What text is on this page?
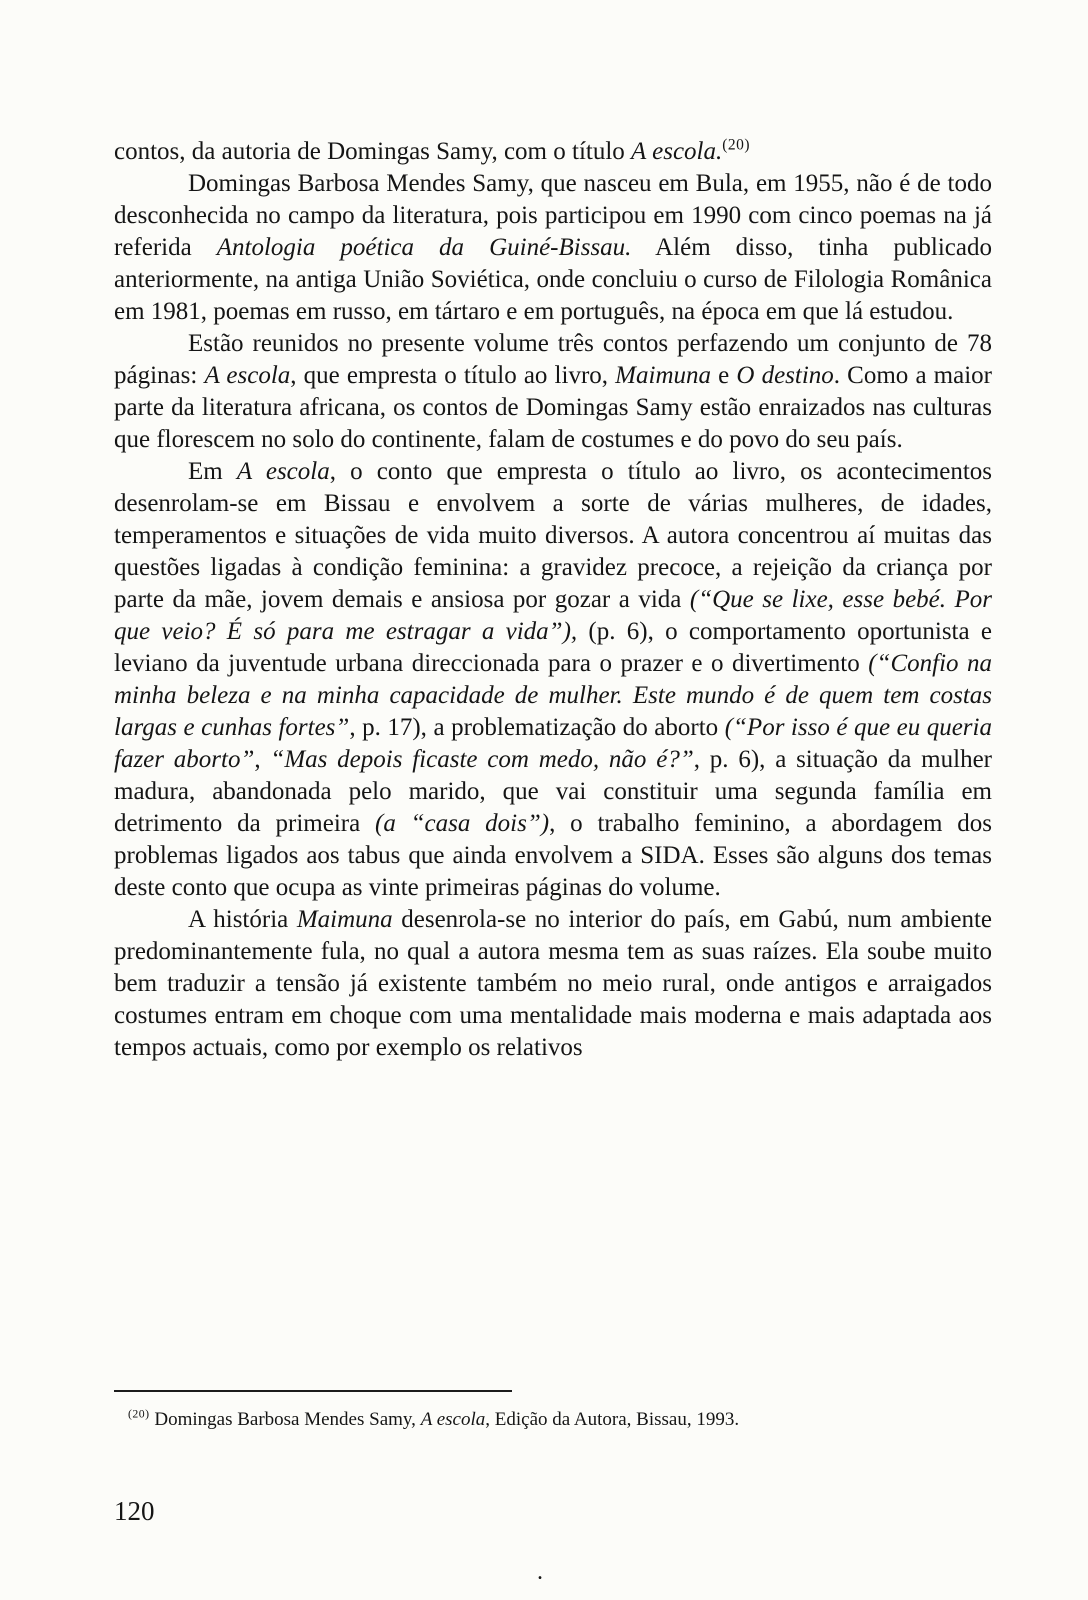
contos, da autoria de Domingas Samy, com o título A escola.$^{(20)}$

Domingas Barbosa Mendes Samy, que nasceu em Bula, em 1955, não é de todo desconhecida no campo da literatura, pois participou em 1990 com cinco poemas na já referida Antologia poética da Guiné-Bissau. Além disso, tinha publicado anteriormente, na antiga União Soviética, onde concluiu o curso de Filologia Românica em 1981, poemas em russo, em tártaro e em português, na época em que lá estudou.

Estão reunidos no presente volume três contos perfazendo um conjunto de 78 páginas: A escola, que empresta o título ao livro, Maimuna e O destino. Como a maior parte da literatura africana, os contos de Domingas Samy estão enraizados nas culturas que florescem no solo do continente, falam de costumes e do povo do seu país.

Em A escola, o conto que empresta o título ao livro, os acontecimentos desenrolam-se em Bissau e envolvem a sorte de várias mulheres, de idades, temperamentos e situações de vida muito diversos. A autora concentrou aí muitas das questões ligadas à condição feminina: a gravidez precoce, a rejeição da criança por parte da mãe, jovem demais e ansiosa por gozar a vida (“Que se lixe, esse bebé. Por que veio? É só para me estragar a vida”), (p. 6), o comportamento oportunista e leviano da juventude urbana direccionada para o prazer e o divertimento (“Confio na minha beleza e na minha capacidade de mulher. Este mundo é de quem tem costas largas e cunhas fortes”, p. 17), a problematização do aborto (“Por isso é que eu queria fazer aborto”, “Mas depois ficaste com medo, não é?”, p. 6), a situação da mulher madura, abandonada pelo marido, que vai constituir uma segunda família em detrimento da primeira (a “casa dois”), o trabalho feminino, a abordagem dos problemas ligados aos tabus que ainda envolvem a SIDA. Esses são alguns dos temas deste conto que ocupa as vinte primeiras páginas do volume.

A história Maimuna desenrola-se no interior do país, em Gabú, num ambiente predominantemente fula, no qual a autora mesma tem as suas raízes. Ela soube muito bem traduzir a tensão já existente também no meio rural, onde antigos e arraigados costumes entram em choque com uma mentalidade mais moderna e mais adaptada aos tempos actuais, como por exemplo os relativos

$^{(20)}$ Domingas Barbosa Mendes Samy, A escola, Edição da Autora, Bissau, 1993.
120
.
